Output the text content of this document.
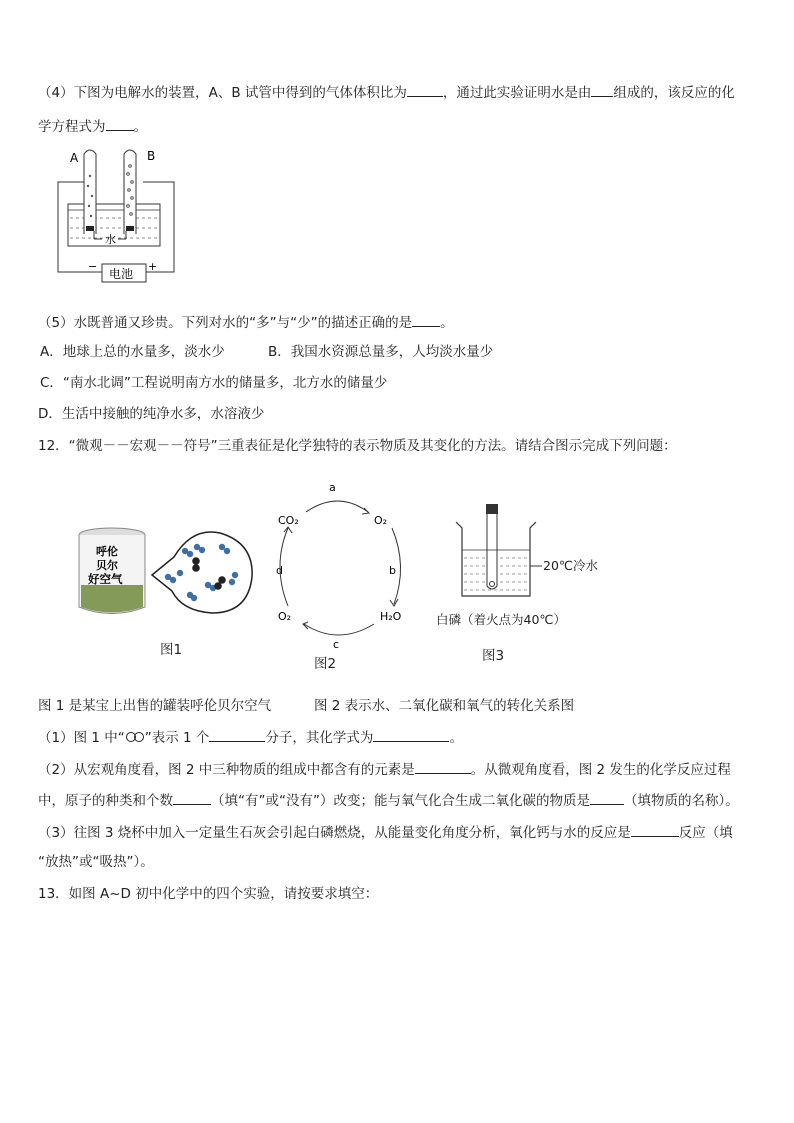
（4）下图为电解水的装置，A、B 试管中得到的气体体积比为	，通过此实验证明水是由 组成的，该反应的化
学方程式为 。
A	B
水
电池
−	+
（5）水既普通又珍贵。下列对水的“多”与“少”的描述正确的是 。
A．地球上总的水量多，淡水少	B．我国水资源总量多，人均淡水量少
C．“南水北调”工程说明南方水的储量多，北方水的储量少
D．生活中接触的纯净水多，水溶液少
12．“微观－－宏观－－符号”三重表征是化学独特的表示物质及其变化的方法。请结合图示完成下列问题：
呼伦
贝尔
好空气
图1
a
CO₂	O₂
d	b
O₂	H₂O
c
图2
20℃冷水
白磷（着火点为40℃）
图3
图 1 是某宝上出售的罐装呼伦贝尔空气	图 2 表示水、二氧化碳和氧气的转化关系图
（1）图 1 中“ ”表示 1 个	分子，其化学式为	。
（2）从宏观角度看，图 2 中三种物质的组成中都含有的元素是	。从微观角度看，图 2 发生的化学反应过程
中，原子的种类和个数	（填“有”或“没有”）改变；能与氧气化合生成二氧化碳的物质是	（填物质的名称）。
（3）往图 3 烧杯中加入一定量生石灰会引起白磷燃烧，从能量变化角度分析，氧化钙与水的反应是	反应（填
“放热”或“吸热”）。
13．如图 A~D 初中化学中的四个实验，请按要求填空：
